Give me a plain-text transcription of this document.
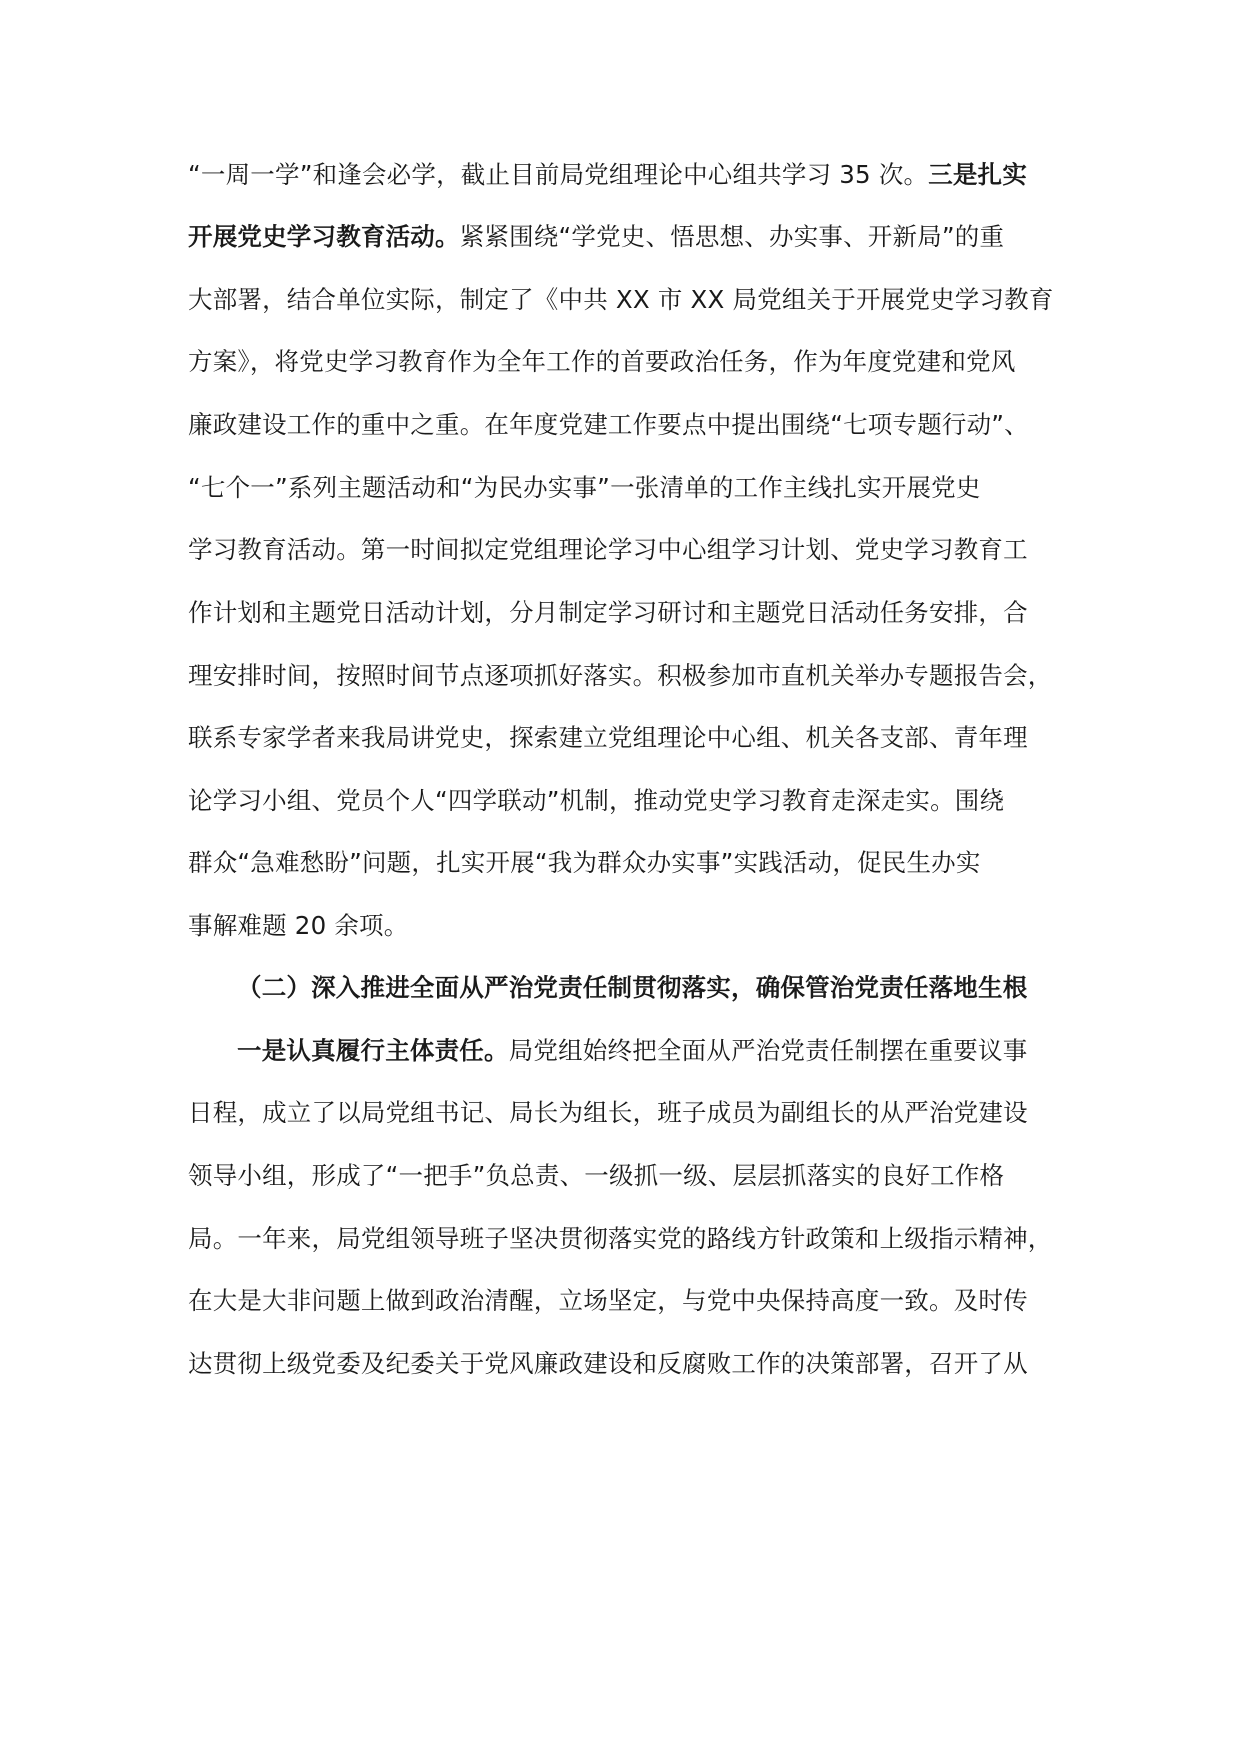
“一周一学”和逢会必学，截止目前局党组理论中心组共学习 35 次。三是扎实
开展党史学习教育活动。紧紧围绕“学党史、悟思想、办实事、开新局”的重
大部署，结合单位实际，制定了《中共 XX 市 XX 局党组关于开展党史学习教育
方案》，将党史学习教育作为全年工作的首要政治任务，作为年度党建和党风
廉政建设工作的重中之重。在年度党建工作要点中提出围绕“七项专题行动”、
“七个一”系列主题活动和“为民办实事”一张清单的工作主线扎实开展党史
学习教育活动。第一时间拟定党组理论学习中心组学习计划、党史学习教育工
作计划和主题党日活动计划，分月制定学习研讨和主题党日活动任务安排，合
理安排时间，按照时间节点逐项抓好落实。积极参加市直机关举办专题报告会，
联系专家学者来我局讲党史，探索建立党组理论中心组、机关各支部、青年理
论学习小组、党员个人“四学联动”机制，推动党史学习教育走深走实。围绕
群众“急难愁盼”问题，扎实开展“我为群众办实事”实践活动，促民生办实
事解难题 20 余项。
（二）深入推进全面从严治党责任制贯彻落实，确保管治党责任落地生根
一是认真履行主体责任。局党组始终把全面从严治党责任制摆在重要议事
日程，成立了以局党组书记、局长为组长，班子成员为副组长的从严治党建设
领导小组，形成了“一把手”负总责、一级抓一级、层层抓落实的良好工作格
局。一年来，局党组领导班子坚决贯彻落实党的路线方针政策和上级指示精神，
在大是大非问题上做到政治清醒，立场坚定，与党中央保持高度一致。及时传
达贯彻上级党委及纪委关于党风廉政建设和反腐败工作的决策部署，召开了从
